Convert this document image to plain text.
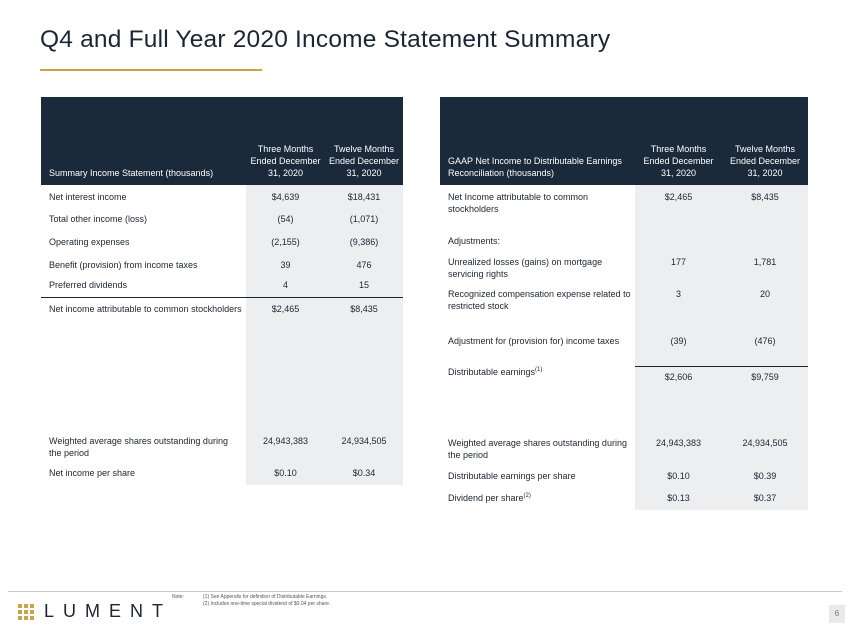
Q4 and Full Year 2020 Income Statement Summary
Summary Income Statement (thousands)	Three Months Ended December 31, 2020	Twelve Months Ended December 31, 2020

Net interest income	$4,639	$18,431
Total other income (loss)	(54)	(1,071)
Operating expenses	(2,155)	(9,386)
Benefit (provision) from income taxes	39	476
Preferred dividends	4	15
Net income attributable to common stockholders	$2,465	$8,435
Weighted average shares outstanding during the period	24,943,383	24,934,505
Net income per share	$0.10	$0.34
GAAP Net Income to Distributable Earnings Reconciliation (thousands)	Three Months Ended December 31, 2020	Twelve Months Ended December 31, 2020

Net Income attributable to common stockholders	$2,465	$8,435
Adjustments:		
Unrealized losses (gains) on mortgage servicing rights	177	1,781
Recognized compensation expense related to restricted stock	3	20
Adjustment for (provision for) income taxes	(39)	(476)
Distributable earnings$^{(1)}$	$2,606	$9,759
Weighted average shares outstanding during the period	24,943,383	24,934,505
Distributable earnings per share	$0.10	$0.39
Dividend per share$^{(2)}$	$0.13	$0.37
LUMENT
Note:	(1) See Appendix for definition of Distributable Earnings.
(2) Includes one-time special dividend of $0.04 per share.
6
